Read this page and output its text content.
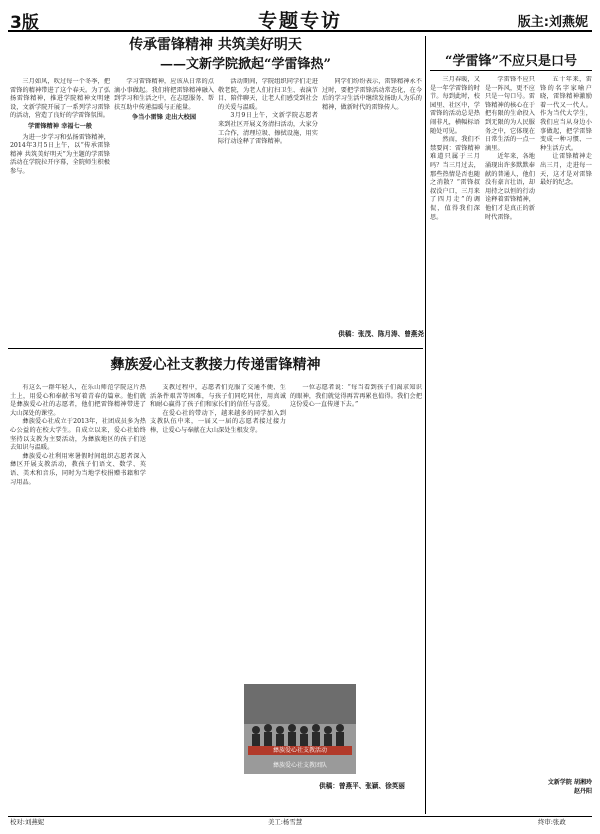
3版	专题专访	版主:刘燕妮
传承雷锋精神 共筑美好明天
——文新学院掀起“学雷锋热”

三月如风，吹过每一个冬季，把雷锋的精神带进了这个春天。为了弘扬雷锋精神，推进学院精神文明建设，文新学院开展了一系列学习雷锋的活动，营造了良好的学雷锋氛围。

学雷锋精神 幸福七一般

为进一步学习和弘扬雷锋精神，2014年3月5日上午，以“传承雷锋精神 共筑美好明天”为主题的学雷锋活动在学院拉开序幕，全院师生积极参与。

学习雷锋精神，应该从日常的点滴小事做起。我们将把雷锋精神融入到学习和生活之中，在志愿服务、帮扶互助中传递温暖与正能量。

争当小雷锋 走出大校园

活动期间，学院组织同学们走进敬老院，为老人们打扫卫生、表演节目、陪伴聊天，让老人们感受到社会的关爱与温暖。

3月9日上午，文新学院志愿者来到社区开展义务清扫活动，大家分工合作，清理垃圾、擦拭设施，用实际行动诠释了雷锋精神。

同学们纷纷表示，雷锋精神永不过时，要把学雷锋活动常态化，在今后的学习生活中继续发扬助人为乐的精神，做新时代的雷锋传人。

供稿：张茂、陈月涛、曾燕尧
彝族爱心社支教接力传递雷锋精神

有这么一群年轻人，在乐山师范学院这片热土上，用爱心和奉献书写着青春的篇章。他们就是彝族爱心社的志愿者，他们把雷锋精神带进了大山深处的课堂。

彝族爱心社成立于2013年，社团成员多为热心公益的在校大学生。自成立以来，爱心社始终坚持以支教为主要活动，为彝族地区的孩子们送去知识与温暖。

彝族爱心社利用寒暑假时间组织志愿者深入彝区开展支教活动，教孩子们语文、数学、英语、美术和音乐，同时为当地学校捐赠书籍和学习用品。

支教过程中，志愿者们克服了交通不便、生活条件艰苦等困难，与孩子们同吃同住，用真诚和耐心赢得了孩子们和家长们的信任与喜爱。

在爱心社的带动下，越来越多的同学加入到支教队伍中来，一届又一届的志愿者接过接力棒，让爱心与奉献在大山深处生根发芽。

一位志愿者说：“每当看到孩子们渴求知识的眼神，我们就觉得再苦再累也值得。我们会把这份爱心一直传递下去。”

彝族爱心社支教活动
彝族爱心社支教团队
供稿：曾燕平、张颖、徐英丽
“学雷锋”不应只是口号

三月春暖，又是一年学雷锋的时节。每到此时，校园里、社区中，学雷锋的活动总是热闹非凡，横幅标语随处可见。

然而，我们不禁要问：雷锋精神难道只属于三月吗？当三月过去，那些热情是否也随之消散？“雷锋叔叔没户口，三月来了四月走”的调侃，值得我们深思。

学雷锋不应只是一阵风，更不应只是一句口号。雷锋精神的核心在于把有限的生命投入到无限的为人民服务之中，它体现在日常生活的一点一滴里。

近年来，各地涌现出许多默默奉献的普通人，他们没有豪言壮语，却用持之以恒的行动诠释着雷锋精神，他们才是真正的新时代雷锋。

五十年来，雷锋的名字家喻户晓，雷锋精神激励着一代又一代人。作为当代大学生，我们应当从身边小事做起，把学雷锋变成一种习惯、一种生活方式。

让雷锋精神走出三月，走进每一天，这才是对雷锋最好的纪念。

文新学院 胡湘玲 赵丹阳
校对:刘燕妮	美工:杨雪慧	终审:张政
